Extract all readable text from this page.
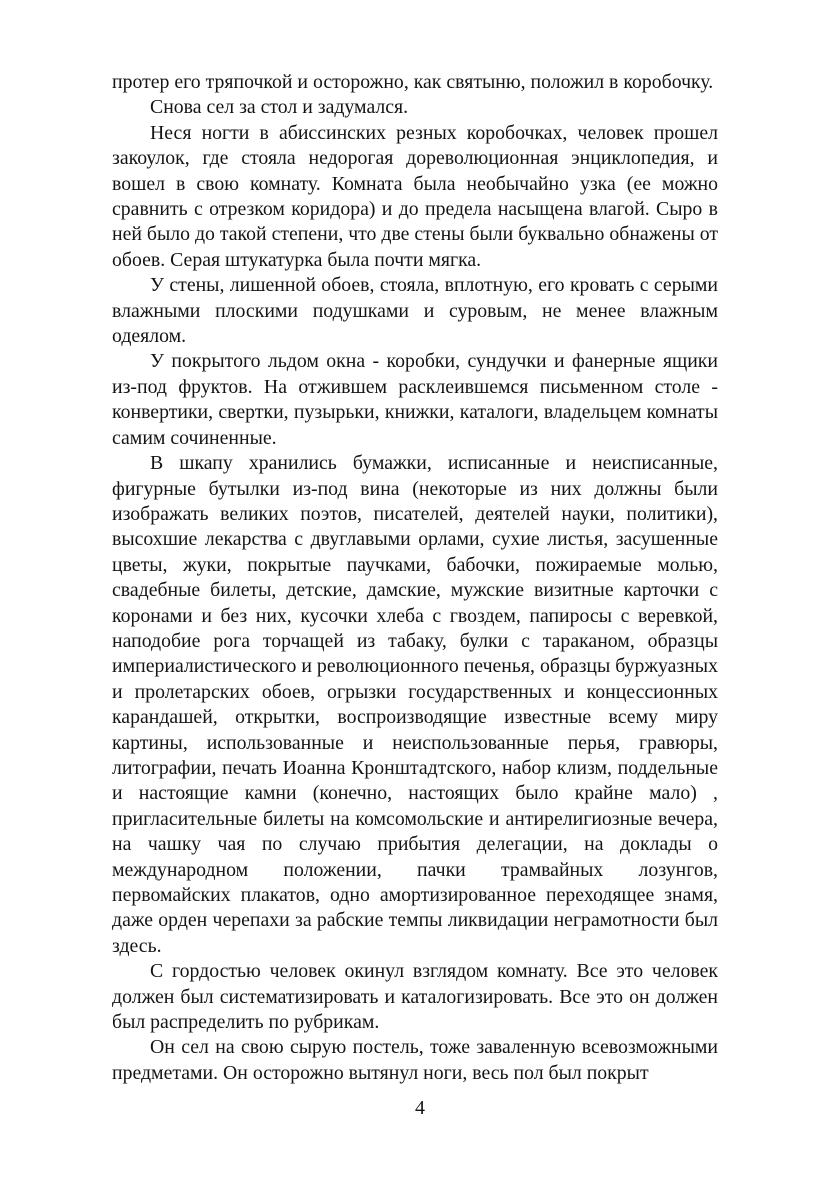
протер его тряпочкой и осторожно, как святыню, положил в коробочку.

Снова сел за стол и задумался.

Неся ногти в абиссинских резных коробочках, человек прошел закоулок, где стояла недорогая дореволюционная энциклопедия, и вошел в свою комнату. Комната была необычайно узка (ее можно сравнить с отрезком коридора) и до предела насыщена влагой. Сыро в ней было до такой степени, что две стены были буквально обнажены от обоев. Серая штукатурка была почти мягка.

У стены, лишенной обоев, стояла, вплотную, его кровать с серыми влажными плоскими подушками и суровым, не менее влажным одеялом.

У покрытого льдом окна - коробки, сундучки и фанерные ящики из-под фруктов. На отжившем расклеившемся письменном столе - конвертики, свертки, пузырьки, книжки, каталоги, владельцем комнаты самим сочиненные.

В шкапу хранились бумажки, исписанные и неисписанные, фигурные бутылки из-под вина (некоторые из них должны были изображать великих поэтов, писателей, деятелей науки, политики), высохшие лекарства с двуглавыми орлами, сухие листья, засушенные цветы, жуки, покрытые паучками, бабочки, пожираемые молью, свадебные билеты, детские, дамские, мужские визитные карточки с коронами и без них, кусочки хлеба с гвоздем, папиросы с веревкой, наподобие рога торчащей из табаку, булки с тараканом, образцы империалистического и революционного печенья, образцы буржуазных и пролетарских обоев, огрызки государственных и концессионных карандашей, открытки, воспроизводящие известные всему миру картины, использованные и неиспользованные перья, гравюры, литографии, печать Иоанна Кронштадтского, набор клизм, поддельные и настоящие камни (конечно, настоящих было крайне мало) , пригласительные билеты на комсомольские и антирелигиозные вечера, на чашку чая по случаю прибытия делегации, на доклады о международном положении, пачки трамвайных лозунгов, первомайских плакатов, одно амортизированное переходящее знамя, даже орден черепахи за рабские темпы ликвидации неграмотности был здесь.

С гордостью человек окинул взглядом комнату. Все это человек должен был систематизировать и каталогизировать. Все это он должен был распределить по рубрикам.

Он сел на свою сырую постель, тоже заваленную всевозможными предметами. Он осторожно вытянул ноги, весь пол был покрыт

4
